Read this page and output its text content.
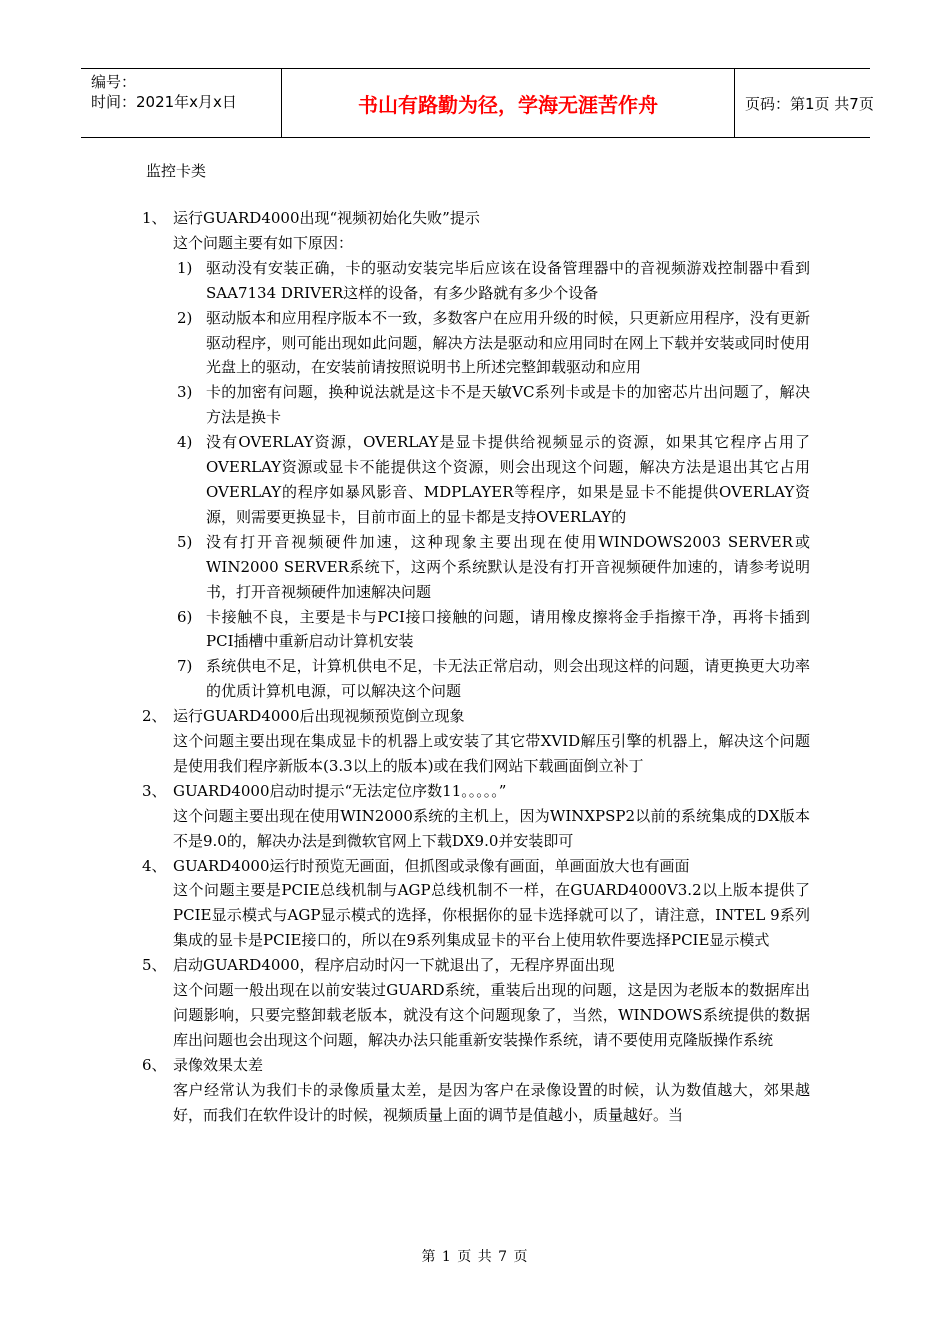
编号：
时间：2021年x月x日	书山有路勤为径，学海无涯苦作舟	页码：第1页 共7页
监控卡类
1、 运行GUARD4000出现“视频初始化失败”提示
这个问题主要有如下原因：
1) 驱动没有安装正确，卡的驱动安装完毕后应该在设备管理器中的音视频游戏控制器中看到SAA7134 DRIVER这样的设备，有多少路就有多少个设备
2) 驱动版本和应用程序版本不一致，多数客户在应用升级的时候，只更新应用程序，没有更新驱动程序，则可能出现如此问题，解决方法是驱动和应用同时在网上下载并安装或同时使用光盘上的驱动，在安装前请按照说明书上所述完整卸载驱动和应用
3) 卡的加密有问题，换种说法就是这卡不是天敏VC系列卡或是卡的加密芯片出问题了，解决方法是换卡
4) 没有OVERLAY资源，OVERLAY是显卡提供给视频显示的资源，如果其它程序占用了OVERLAY资源或显卡不能提供这个资源，则会出现这个问题，解决方法是退出其它占用OVERLAY的程序如暴风影音、MDPLAYER等程序，如果是显卡不能提供OVERLAY资源，则需要更换显卡，目前市面上的显卡都是支持OVERLAY的
5) 没有打开音视频硬件加速，这种现象主要出现在使用WINDOWS2003 SERVER或WIN2000 SERVER系统下，这两个系统默认是没有打开音视频硬件加速的，请参考说明书，打开音视频硬件加速解决问题
6) 卡接触不良，主要是卡与PCI接口接触的问题，请用橡皮擦将金手指擦干净，再将卡插到PCI插槽中重新启动计算机安装
7) 系统供电不足，计算机供电不足，卡无法正常启动，则会出现这样的问题，请更换更大功率的优质计算机电源，可以解决这个问题
2、 运行GUARD4000后出现视频预览倒立现象
这个问题主要出现在集成显卡的机器上或安装了其它带XVID解压引擎的机器上，解决这个问题是使用我们程序新版本(3.3以上的版本)或在我们网站下载画面倒立补丁
3、 GUARD4000启动时提示“无法定位序数11。。。。。”
这个问题主要出现在使用WIN2000系统的主机上，因为WINXPSP2以前的系统集成的DX版本不是9.0的，解决办法是到微软官网上下载DX9.0并安装即可
4、 GUARD4000运行时预览无画面，但抓图或录像有画面，单画面放大也有画面
这个问题主要是PCIE总线机制与AGP总线机制不一样，在GUARD4000V3.2以上版本提供了PCIE显示模式与AGP显示模式的选择，你根据你的显卡选择就可以了，请注意，INTEL 9系列集成的显卡是PCIE接口的，所以在9系列集成显卡的平台上使用软件要选择PCIE显示模式
5、 启动GUARD4000，程序启动时闪一下就退出了，无程序界面出现
这个问题一般出现在以前安装过GUARD系统，重装后出现的问题，这是因为老版本的数据库出问题影响，只要完整卸载老版本，就没有这个问题现象了，当然，WINDOWS系统提供的数据库出问题也会出现这个问题，解决办法只能重新安装操作系统，请不要使用克隆版操作系统
6、 录像效果太差
客户经常认为我们卡的录像质量太差，是因为客户在录像设置的时候，认为数值越大，郊果越好，而我们在软件设计的时候，视频质量上面的调节是值越小，质量越好。当
第 1 页 共 7 页
